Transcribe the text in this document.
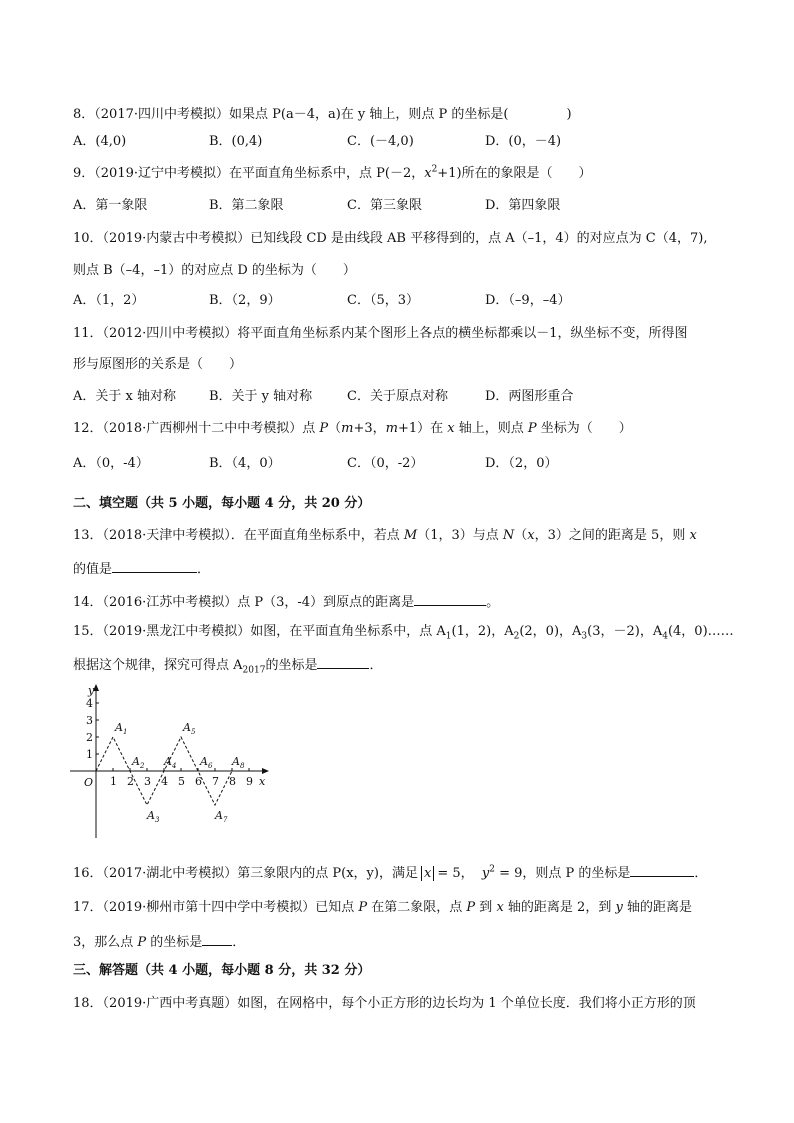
8．（2017·四川中考模拟）如果点 P(a－4，a)在 y 轴上，则点 P 的坐标是(	)
A．(4,0)	B．(0,4)	C．(－4,0)	D．(0，－4)
9．（2019·辽宁中考模拟）在平面直角坐标系中，点 P(－2，$x^2+1$)所在的象限是（　　）
A．第一象限	B．第二象限	C．第三象限	D．第四象限
10．（2019·内蒙古中考模拟）已知线段 CD 是由线段 AB 平移得到的，点 A（–1，4）的对应点为 C（4，7),
则点 B（–4，–1）的对应点 D 的坐标为（　　）
A．（1，2）	B．（2，9）	C．（5，3）	D．（–9，–4）
11．（2012·四川中考模拟）将平面直角坐标系内某个图形上各点的横坐标都乘以－1，纵坐标不变，所得图
形与原图形的关系是（　　）
A．关于 x 轴对称	B．关于 y 轴对称	C．关于原点对称	D．两图形重合
12．（2018·广西柳州十二中中考模拟）点 P（m+3，m+1）在 x 轴上，则点 P 坐标为（　　）
A．（0，-4）	B．（4，0）	C．（0，-2）	D．（2，0）
二、填空题（共 5 小题，每小题 4 分，共 20 分）
13．（2018·天津中考模拟）．在平面直角坐标系中，若点 M（1，3）与点 N（x，3）之间的距离是 5，则 x
的值是	．
14．（2016·江苏中考模拟）点 P（3，-4）到原点的距离是	。
15．（2019·黑龙江中考模拟）如图，在平面直角坐标系中，点 $A_1(1$，2)，$A_2(2$，0)，$A_3(3$，－2)，$A_4(4$，0)……
根据这个规律，探究可得点 $A_{2017}$的坐标是	．
y
x
O 1 2 3 4 5 6 7 8 9
1
2
3
4
$A_1$
$A_2$
$A_3$
$A_4$
$A_5$
$A_6$
$A_7$
$A_8$
16．（2017·湖北中考模拟）第三象限内的点 P(x，y)，满足 x = 5， $y^2 = 9$，则点 P 的坐标是	．
17．（2019·柳州市第十四中学中考模拟）已知点 P 在第二象限，点 P 到 x 轴的距离是 2，到 y 轴的距离是
3，那么点 P 的坐标是 ．
三、解答题（共 4 小题，每小题 8 分，共 32 分）
18．（2019·广西中考真题）如图，在网格中，每个小正方形的边长均为 1 个单位长度．我们将小正方形的顶
